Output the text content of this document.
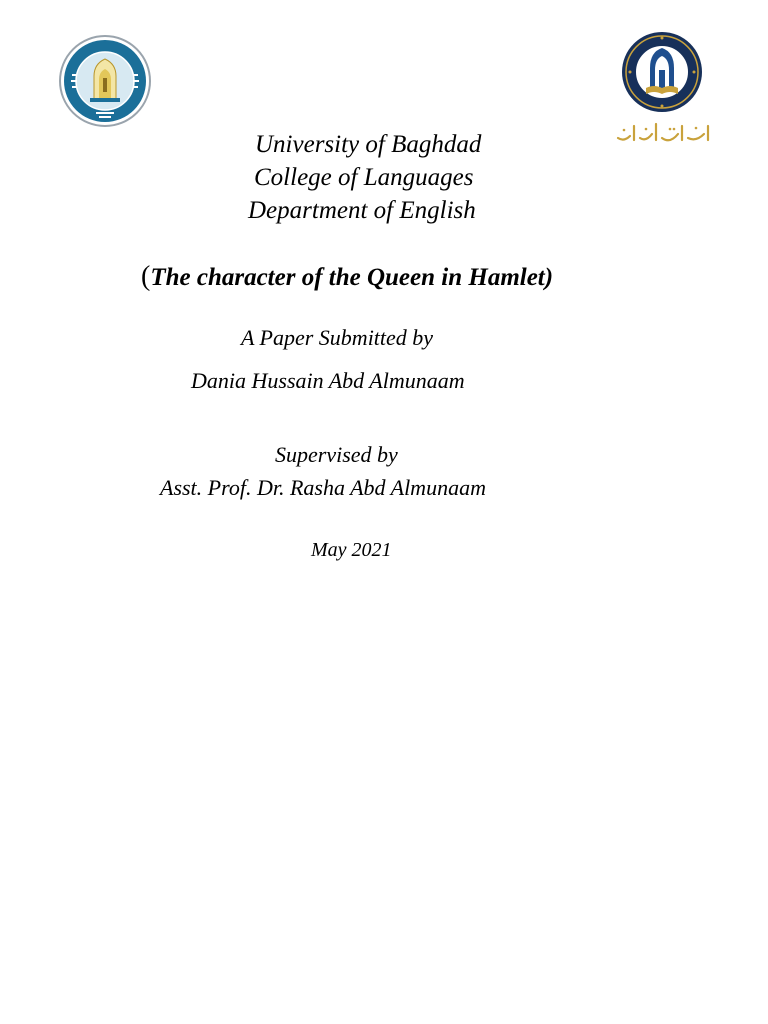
University of Baghdad
College of Languages
Department of English
(The character of the Queen in Hamlet)
A Paper Submitted by
Dania Hussain Abd Almunaam
Supervised by
Asst. Prof. Dr. Rasha Abd Almunaam
May 2021
